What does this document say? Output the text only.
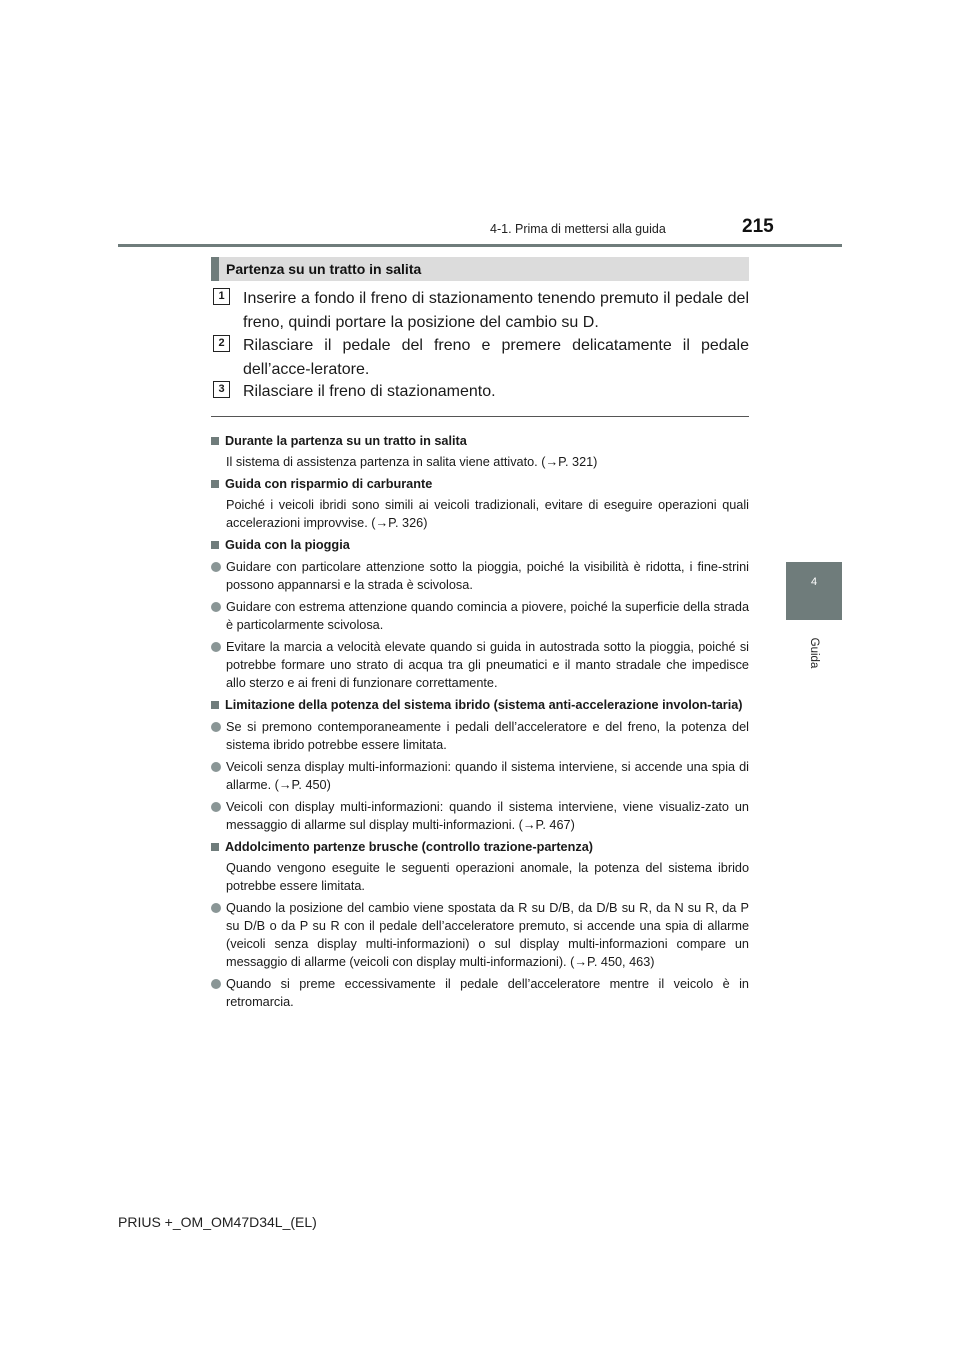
4-1. Prima di mettersi alla guida	215
4
Guida
Partenza su un tratto in salita
1	Inserire a fondo il freno di stazionamento tenendo premuto il pedale del freno, quindi portare la posizione del cambio su D.
2	Rilasciare il pedale del freno e premere delicatamente il pedale dell’acce-leratore.
3	Rilasciare il freno di stazionamento.
Durante la partenza su un tratto in salita
Il sistema di assistenza partenza in salita viene attivato. (→P. 321)
Guida con risparmio di carburante
Poiché i veicoli ibridi sono simili ai veicoli tradizionali, evitare di eseguire operazioni quali accelerazioni improvvise. (→P. 326)
Guida con la pioggia
Guidare con particolare attenzione sotto la pioggia, poiché la visibilità è ridotta, i fine-strini possono appannarsi e la strada è scivolosa.
Guidare con estrema attenzione quando comincia a piovere, poiché la superficie della strada è particolarmente scivolosa.
Evitare la marcia a velocità elevate quando si guida in autostrada sotto la pioggia, poiché si potrebbe formare uno strato di acqua tra gli pneumatici e il manto stradale che impedisce allo sterzo e ai freni di funzionare correttamente.
Limitazione della potenza del sistema ibrido (sistema anti-accelerazione involon-taria)
Se si premono contemporaneamente i pedali dell’acceleratore e del freno, la potenza del sistema ibrido potrebbe essere limitata.
Veicoli senza display multi-informazioni: quando il sistema interviene, si accende una spia di allarme. (→P. 450)
Veicoli con display multi-informazioni: quando il sistema interviene, viene visualiz-zato un messaggio di allarme sul display multi-informazioni. (→P. 467)
Addolcimento partenze brusche (controllo trazione-partenza)
Quando vengono eseguite le seguenti operazioni anomale, la potenza del sistema ibrido potrebbe essere limitata.
Quando la posizione del cambio viene spostata da R su D/B, da D/B su R, da N su R, da P su D/B o da P su R con il pedale dell’acceleratore premuto, si accende una spia di allarme (veicoli senza display multi-informazioni) o sul display multi-informazioni compare un messaggio di allarme (veicoli con display multi-informazioni). (→P. 450, 463)
Quando si preme eccessivamente il pedale dell’acceleratore mentre il veicolo è in retromarcia.
PRIUS +_OM_OM47D34L_(EL)
